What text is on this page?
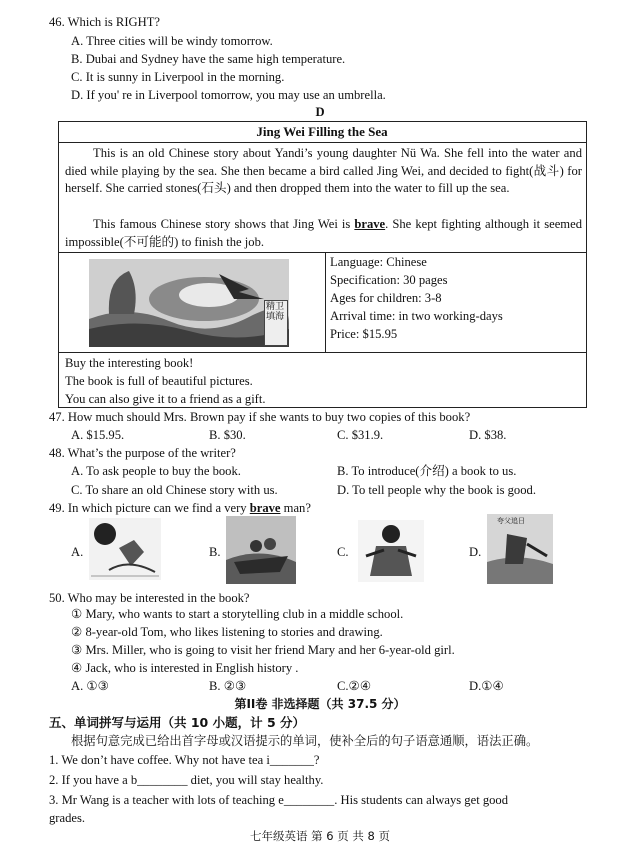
46. Which is RIGHT?
A. Three cities will be windy tomorrow.
B. Dubai and Sydney have the same high temperature.
C. It is sunny in Liverpool in the morning.
D. If you' re in Liverpool tomorrow, you may use an umbrella.
D
Jing Wei Filling the Sea
This is an old Chinese story about Yandi’s young daughter Nü Wa. She fell into the water and died while playing by the sea. She then became a bird called Jing Wei, and decided to fight(战斗) for herself. She carried stones(石头) and then dropped them into the water to fill up the sea.
This famous Chinese story shows that Jing Wei is brave. She kept fighting although it seemed impossible(不可能的) to finish the job.
精卫填海
Language: Chinese
Specification: 30 pages
Ages for children: 3-8
Arrival time: in two working-days
Price: $15.95
Buy the interesting book!
The book is full of beautiful pictures.
You can also give it to a friend as a gift.
47. How much should Mrs. Brown pay if she wants to buy two copies of this book?
A. $15.95.	B. $30.	C. $31.9.	D. $38.
48. What’s the purpose of the writer?
A. To ask people to buy the book.	B. To introduce(介绍) a book to us.
C. To share an old Chinese story with us.	D. To tell people why the book is good.
49. In which picture can we find a very brave man?
A.	B.	C.	D.
夸父追日
50. Who may be interested in the book?
① Mary, who wants to start a storytelling club in a middle school.
② 8-year-old Tom, who likes listening to stories and drawing.
③ Mrs. Miller, who is going to visit her friend Mary and her 6-year-old girl.
④ Jack, who is interested in English history .
A. ①③	B. ②③	C.②④	D.①④
第II卷 非选择题（共 37.5 分）
五、单词拼写与运用（共 10 小题，计 5 分）
根据句意完成已给出首字母或汉语提示的单词，使补全后的句子语意通顺，语法正确。
1. We don’t have coffee. Why not have tea i_______?
2. If you have a b________ diet, you will stay healthy.
3. Mr Wang is a teacher with lots of teaching e________. His students can always get good
grades.
七年级英语 第 6 页 共 8 页
